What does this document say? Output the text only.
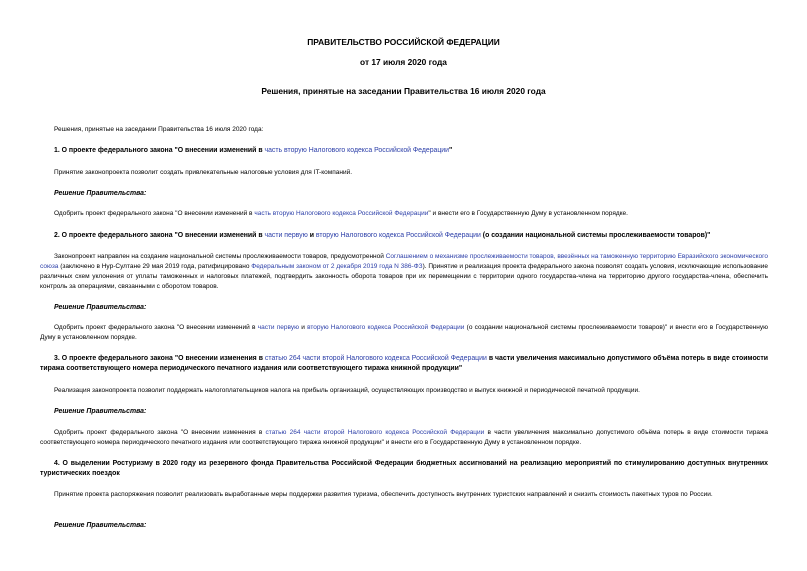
ПРАВИТЕЛЬСТВО РОССИЙСКОЙ ФЕДЕРАЦИИ
от 17 июля 2020 года
Решения, принятые на заседании Правительства 16 июля 2020 года
Решения, принятые на заседании Правительства 16 июля 2020 года:
1. О проекте федерального закона "О внесении изменений в часть вторую Налогового кодекса Российской Федерации"
Принятие законопроекта позволит создать привлекательные налоговые условия для IT-компаний.
Решение Правительства:
Одобрить проект федерального закона "О внесении изменений в часть вторую Налогового кодекса Российской Федерации" и внести его в Государственную Думу в установленном порядке.
2. О проекте федерального закона "О внесении изменений в части первую и вторую Налогового кодекса Российской Федерации (о создании национальной системы прослеживаемости товаров)"
Законопроект направлен на создание национальной системы прослеживаемости товаров, предусмотренной Соглашением о механизме прослеживаемости товаров, ввезённых на таможенную территорию Евразийского экономического союза (заключено в Нур-Султане 29 мая 2019 года, ратифицировано Федеральным законом от 2 декабря 2019 года N 386-ФЗ). Принятие и реализация проекта федерального закона позволят создать условия, исключающие использование различных схем уклонения от уплаты таможенных и налоговых платежей, подтвердить законность оборота товаров при их перемещении с территории одного государства-члена на территорию другого государства-члена, обеспечить контроль за операциями, связанными с оборотом товаров.
Решение Правительства:
Одобрить проект федерального закона "О внесении изменений в части первую и вторую Налогового кодекса Российской Федерации (о создании национальной системы прослеживаемости товаров)" и внести его в Государственную Думу в установленном порядке.
3. О проекте федерального закона "О внесении изменения в статью 264 части второй Налогового кодекса Российской Федерации в части увеличения максимально допустимого объёма потерь в виде стоимости тиража соответствующего номера периодического печатного издания или соответствующего тиража книжной продукции"
Реализация законопроекта позволит поддержать налогоплательщиков налога на прибыль организаций, осуществляющих производство и выпуск книжной и периодической печатной продукции.
Решение Правительства:
Одобрить проект федерального закона "О внесении изменения в статью 264 части второй Налогового кодекса Российской Федерации в части увеличения максимально допустимого объёма потерь в виде стоимости тиража соответствующего номера периодического печатного издания или соответствующего тиража книжной продукции" и внести его в Государственную Думу в установленном порядке.
4. О выделении Ростуризму в 2020 году из резервного фонда Правительства Российской Федерации бюджетных ассигнований на реализацию мероприятий по стимулированию доступных внутренних туристических поездок
Принятие проекта распоряжения позволит реализовать выработанные меры поддержки развития туризма, обеспечить доступность внутренних туристских направлений и снизить стоимость пакетных туров по России.
Решение Правительства:
